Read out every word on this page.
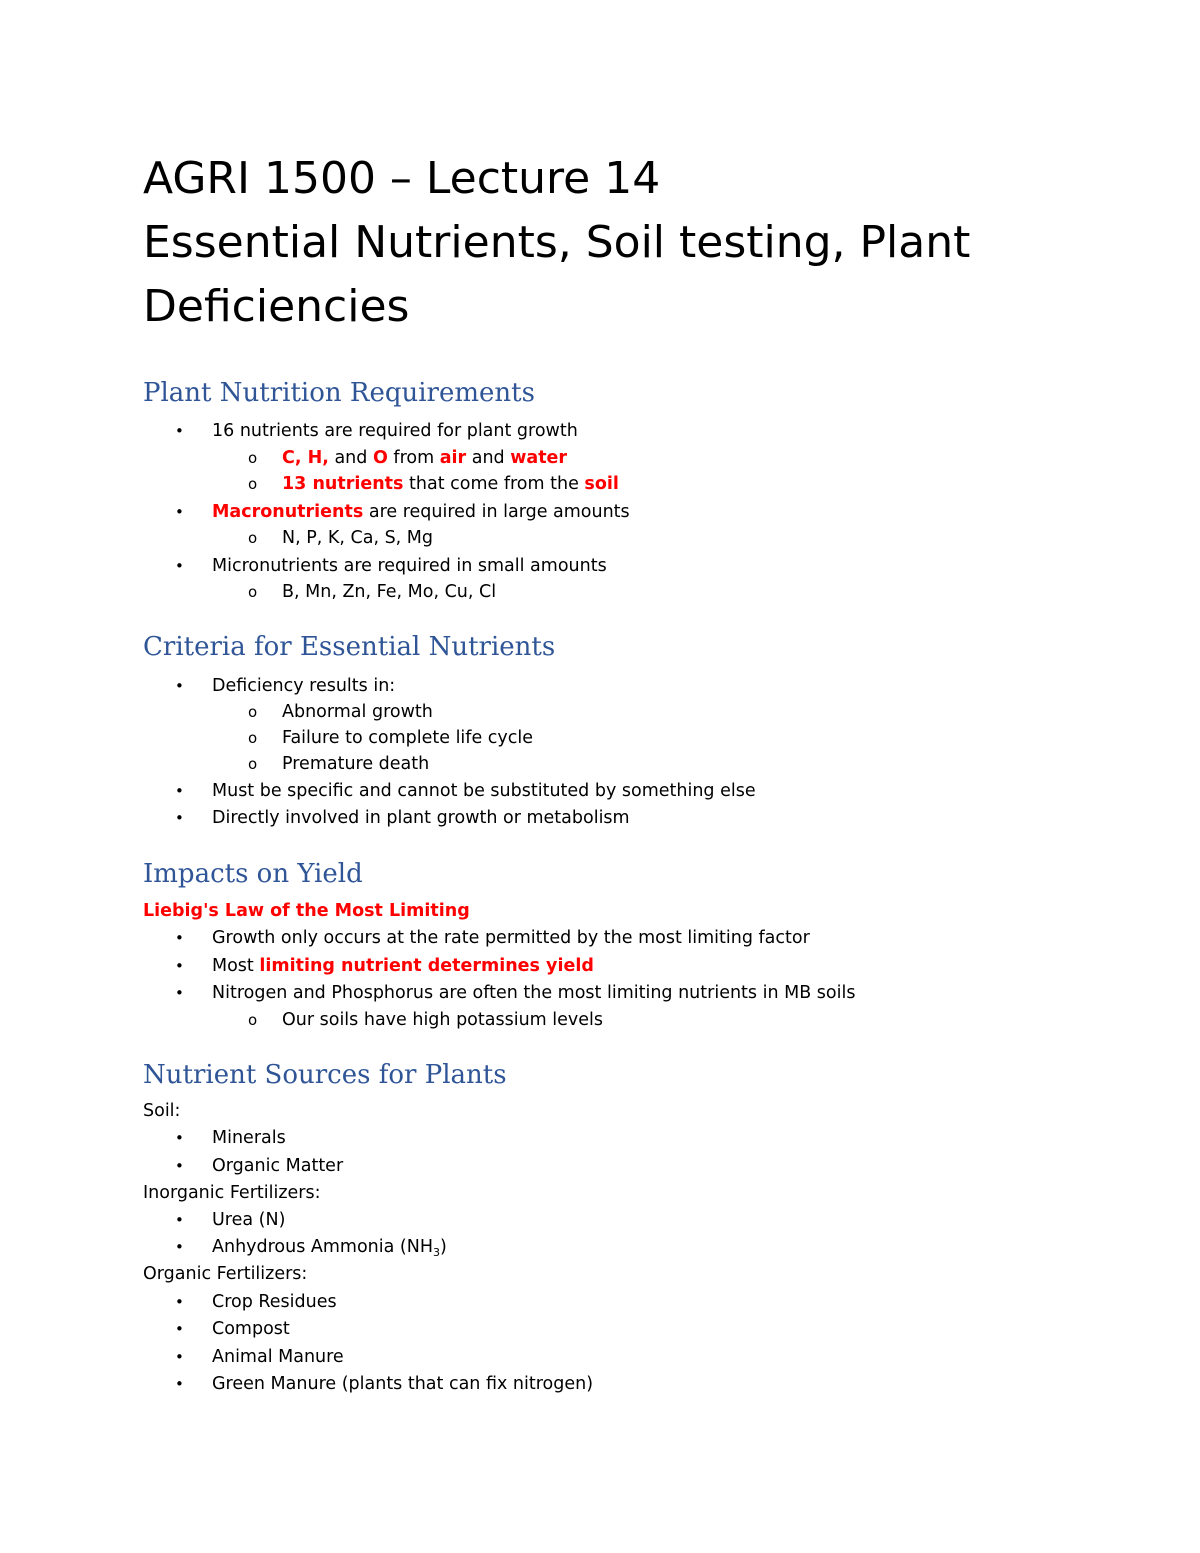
AGRI 1500 – Lecture 14
Essential Nutrients, Soil testing, Plant
Deficiencies
Plant Nutrition Requirements
• 16 nutrients are required for plant growth
o C, H, and O from air and water
o 13 nutrients that come from the soil
• Macronutrients are required in large amounts
o N, P, K, Ca, S, Mg
• Micronutrients are required in small amounts
o B, Mn, Zn, Fe, Mo, Cu, Cl
Criteria for Essential Nutrients
• Deficiency results in:
o Abnormal growth
o Failure to complete life cycle
o Premature death
• Must be specific and cannot be substituted by something else
• Directly involved in plant growth or metabolism
Impacts on Yield
Liebig's Law of the Most Limiting
• Growth only occurs at the rate permitted by the most limiting factor
• Most limiting nutrient determines yield
• Nitrogen and Phosphorus are often the most limiting nutrients in MB soils
o Our soils have high potassium levels
Nutrient Sources for Plants
Soil:
• Minerals
• Organic Matter
Inorganic Fertilizers:
• Urea (N)
• Anhydrous Ammonia $(NH_3)$
Organic Fertilizers:
• Crop Residues
• Compost
• Animal Manure
• Green Manure (plants that can fix nitrogen)
